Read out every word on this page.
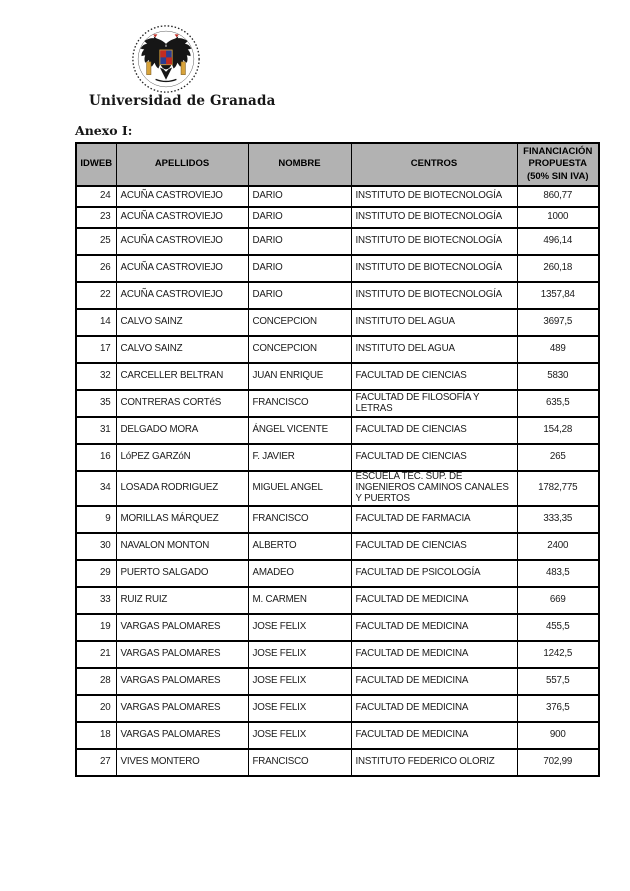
Universidad de Granada
Anexo I:
IDWEB	APELLIDOS	NOMBRE	CENTROS	FINANCIACIÓN PROPUESTA (50% SIN IVA)
24	ACUÑA CASTROVIEJO	DARIO	INSTITUTO DE BIOTECNOLOGÍA	860,77
23	ACUÑA CASTROVIEJO	DARIO	INSTITUTO DE BIOTECNOLOGÍA	1000
25	ACUÑA CASTROVIEJO	DARIO	INSTITUTO DE BIOTECNOLOGÍA	496,14
26	ACUÑA CASTROVIEJO	DARIO	INSTITUTO DE BIOTECNOLOGÍA	260,18
22	ACUÑA CASTROVIEJO	DARIO	INSTITUTO DE BIOTECNOLOGÍA	1357,84
14	CALVO SAINZ	CONCEPCION	INSTITUTO DEL AGUA	3697,5
17	CALVO SAINZ	CONCEPCION	INSTITUTO DEL AGUA	489
32	CARCELLER BELTRAN	JUAN ENRIQUE	FACULTAD DE CIENCIAS	5830
35	CONTRERAS CORTéS	FRANCISCO	FACULTAD DE FILOSOFÍA Y LETRAS	635,5
31	DELGADO MORA	ÁNGEL VICENTE	FACULTAD DE CIENCIAS	154,28
16	LóPEZ GARZóN	F. JAVIER	FACULTAD DE CIENCIAS	265
34	LOSADA RODRIGUEZ	MIGUEL ANGEL	ESCUELA TEC. SUP. DE INGENIEROS CAMINOS CANALES Y PUERTOS	1782,775
9	MORILLAS MÁRQUEZ	FRANCISCO	FACULTAD DE FARMACIA	333,35
30	NAVALON MONTON	ALBERTO	FACULTAD DE CIENCIAS	2400
29	PUERTO SALGADO	AMADEO	FACULTAD DE PSICOLOGÍA	483,5
33	RUIZ RUIZ	M. CARMEN	FACULTAD DE MEDICINA	669
19	VARGAS PALOMARES	JOSE FELIX	FACULTAD DE MEDICINA	455,5
21	VARGAS PALOMARES	JOSE FELIX	FACULTAD DE MEDICINA	1242,5
28	VARGAS PALOMARES	JOSE FELIX	FACULTAD DE MEDICINA	557,5
20	VARGAS PALOMARES	JOSE FELIX	FACULTAD DE MEDICINA	376,5
18	VARGAS PALOMARES	JOSE FELIX	FACULTAD DE MEDICINA	900
27	VIVES MONTERO	FRANCISCO	INSTITUTO FEDERICO OLORIZ	702,99
